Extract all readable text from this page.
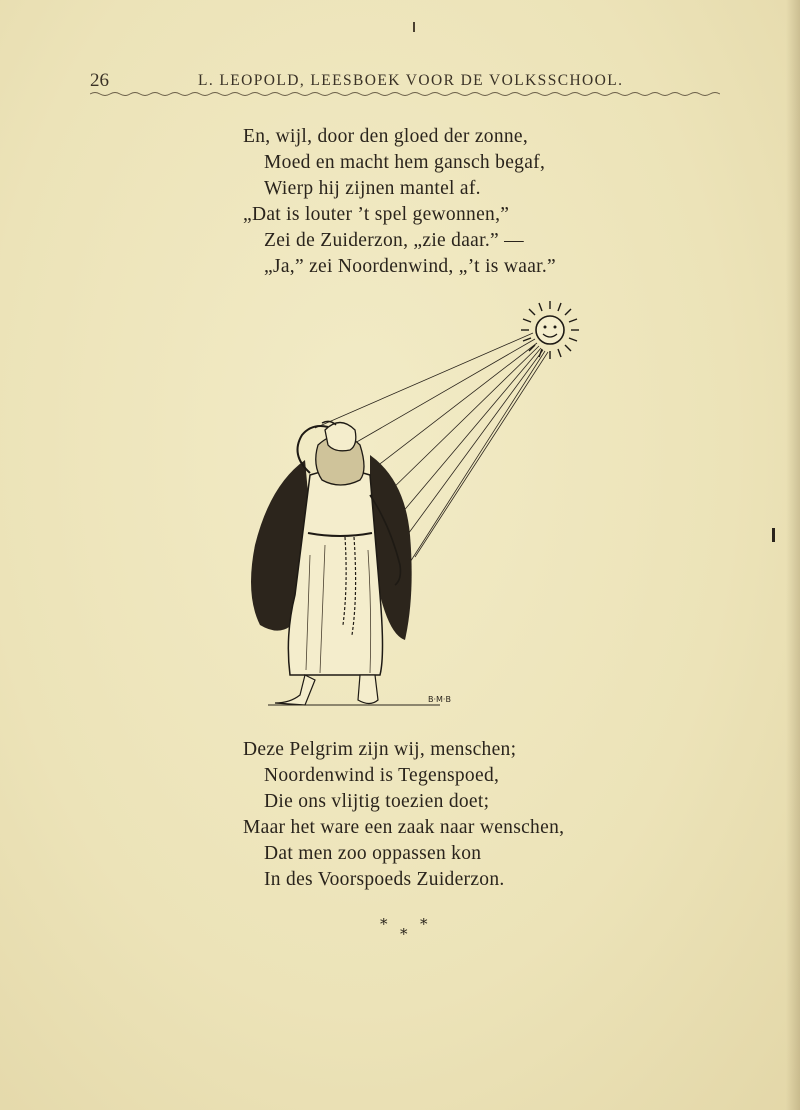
26	L. LEOPOLD, LEESBOEK VOOR DE VOLKSSCHOOL.
En, wijl, door den gloed der zonne,
Moed en macht hem gansch begaf,
Wierp hij zijnen mantel af.
„Dat is louter ’t spel gewonnen,”
Zei de Zuiderzon, „zie daar.” —
„Ja,” zei Noordenwind, „’t is waar.”
B·M·B
Deze Pelgrim zijn wij, menschen;
Noordenwind is Tegenspoed,
Die ons vlijtig toezien doet;
Maar het ware een zaak naar wenschen,
Dat men zoo oppassen kon
In des Voorspoeds Zuiderzon.
*
*
*
